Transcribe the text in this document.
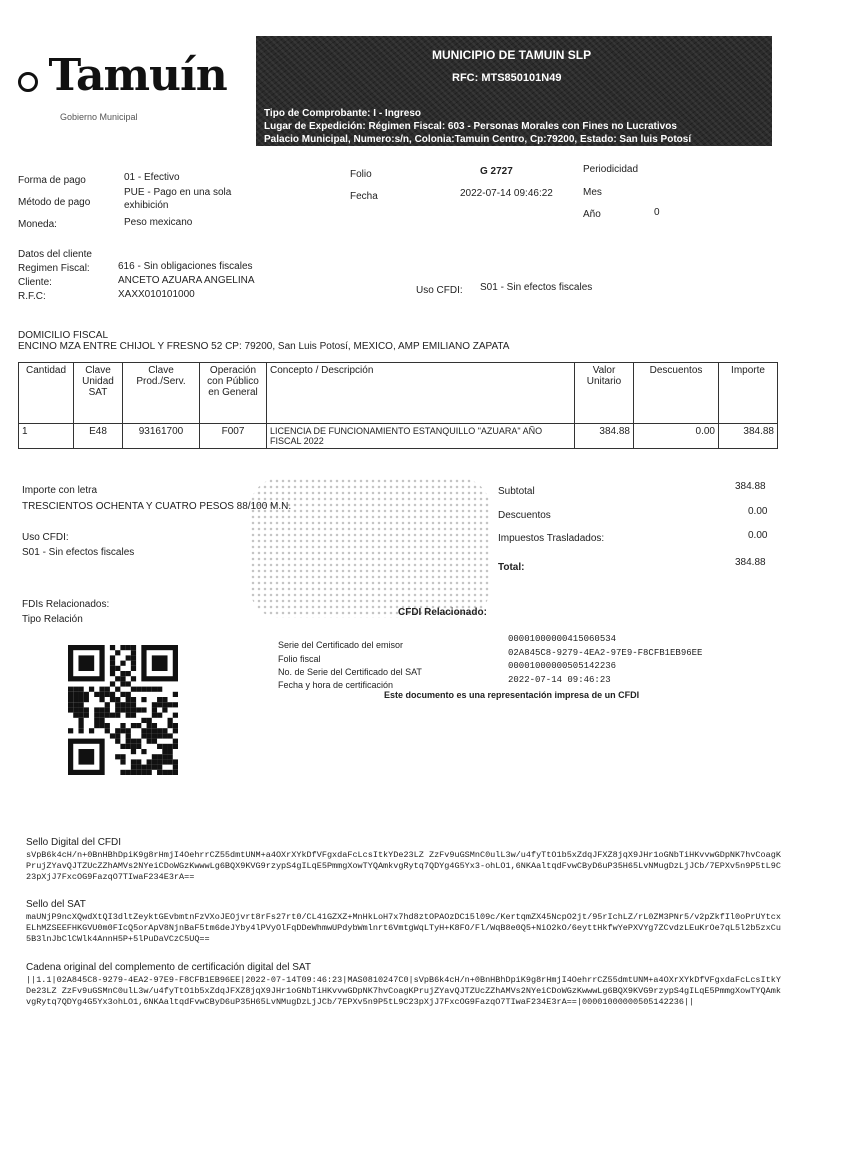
Tamuín
Gobierno Municipal
MUNICIPIO DE TAMUIN SLP
RFC: MTS850101N49
Tipo de Comprobante: I - Ingreso
Lugar de Expedición: Régimen Fiscal: 603 - Personas Morales con Fines no Lucrativos
Palacio Municipal, Numero:s/n, Colonia:Tamuin Centro, Cp:79200, Estado: San luis Potosí
Forma de pago	01 - Efectivo
Método de pago
PUE - Pago en una sola exhibición
Moneda:	Peso mexicano
Folio	G 2727
Fecha	2022-07-14 09:46:22
Periodicidad
Mes
Año	0
Datos del cliente
Regimen Fiscal:	616 - Sin obligaciones fiscales
Cliente:	ANCETO AZUARA ANGELINA
R.F.C:	XAXX010101000	Uso CFDI: S01 - Sin efectos fiscales
DOMICILIO FISCAL
ENCINO MZA ENTRE CHIJOL Y FRESNO 52 CP: 79200, San Luis Potosí, MEXICO, AMP EMILIANO ZAPATA
Cantidad	Clave Unidad SAT	Clave Prod./Serv.	Operación con Público en General	Concepto / Descripción	Valor Unitario	Descuentos	Importe
1	E48	93161700	F007	LICENCIA DE FUNCIONAMIENTO ESTANQUILLO "AZUARA" AÑO FISCAL 2022	384.88	0.00	384.88
Importe con letra
TRESCIENTOS OCHENTA Y CUATRO PESOS 88/100 M.N.
Uso CFDI:
S01 - Sin efectos fiscales
Subtotal	384.88
Descuentos	0.00
Impuestos Trasladados:	0.00
Total:	384.88
FDIs Relacionados:
Tipo Relación
CFDI Relacionado:
Serie del Certificado del emisor
00001000000415060534
Folio fiscal
02A845C8-9279-4EA2-97E9-F8CFB1EB96EE
No. de Serie del Certificado del SAT
00001000000505142236
Fecha y hora de certificación	2022-07-14 09:46:23
Este documento es una representación impresa de un CFDI
Sello Digital del CFDI
sVpB6k4cH/n+0BnHBhDpiK9g8rHmjI4OehrrCZ55dmtUNM+a4OXrXYkDfVFgxdaFcLcsItkYDe23LZ ZzFv9uGSMnC0ulL3w/u4fyTtO1b5xZdqJFXZ8jqX9JHr1oGNbTiHKvvwGDpNK7hvCoagKPrujZYavQJTZUcZZhAMVs2NYeiCDoWGzKwwwLg6BQX9KVG9rzypS4gILqE5PmmgXowTYQAmkvgRytq7QDYg4G5Yx3-ohLO1,6NKAaltqdFvwCByD6uP35H65LvNMugDzLjJCb/7EPXv5n9P5tL9C23pXjJ7FxcOG9FazqO7TIwaF234E3rA==
Sello del SAT
maUNjP9ncXQwdXtQI3dltZeyktGEvbmtnFzVXoJEOjvrt8rFs27rt0/CL41GZXZ+MnHkLoH7x7hd8ztOPAOzDC15l09c/KertqmZX45NcpO2jt/95rIchLZ/rL0ZM3PNr5/v2pZkfIl0oPrUYtcxELhMZSEEFHKGVU0m0FIcQ5orApV8NjnBaF5tm6deJYby4lPVyOlFqDDeWhmwUPdybWmlnrt6VmtgWqLTyH+K8FO/Fl/WqB8e0Q5+NiO2kO/6eyttHkfwYePXVYg7ZCvdzLEuKrOe7qL5l2b5zxCu5B3lnJbClCWlk4AnnH5P+5lPuDaVCzC5UQ==
Cadena original del complemento de certificación digital del SAT
||1.1|02A845C8-9279-4EA2-97E9-F8CFB1EB96EE|2022-07-14T09:46:23|MAS0810247C0|sVpB6k4cH/n+0BnHBhDpiK9g8rHmjI4OehrrCZ55dmtUNM+a4OXrXYkDfVFgxdaFcLcsItkYDe23LZ ZzFv9uGSMnC0ulL3w/u4fyTtO1b5xZdqJFXZ8jqX9JHr1oGNbTiHKvvwGDpNK7hvCoagKPrujZYavQJTZUcZZhAMVs2NYeiCDoWGzKwwwLg6BQX9KVG9rzypS4gILqE5PmmgXowTYQAmkvgRytq7QDYg4G5Yx3ohLO1,6NKAaltqdFvwCByD6uP35H65LvNMugDzLjJCb/7EPXv5n9P5tL9C23pXjJ7FxcOG9FazqO7TIwaF234E3rA==|00001000000505142236||
